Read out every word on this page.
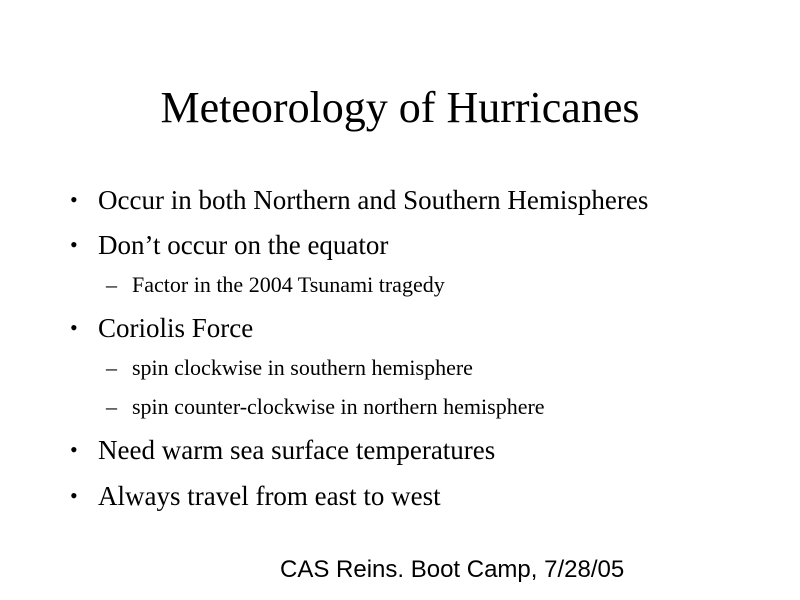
Meteorology of Hurricanes
• Occur in both Northern and Southern Hemispheres
• Don’t occur on the equator
– Factor in the 2004 Tsunami tragedy
• Coriolis Force
– spin clockwise in southern hemisphere
– spin counter-clockwise in northern hemisphere
• Need warm sea surface temperatures
• Always travel from east to west
CAS Reins. Boot Camp, 7/28/05
